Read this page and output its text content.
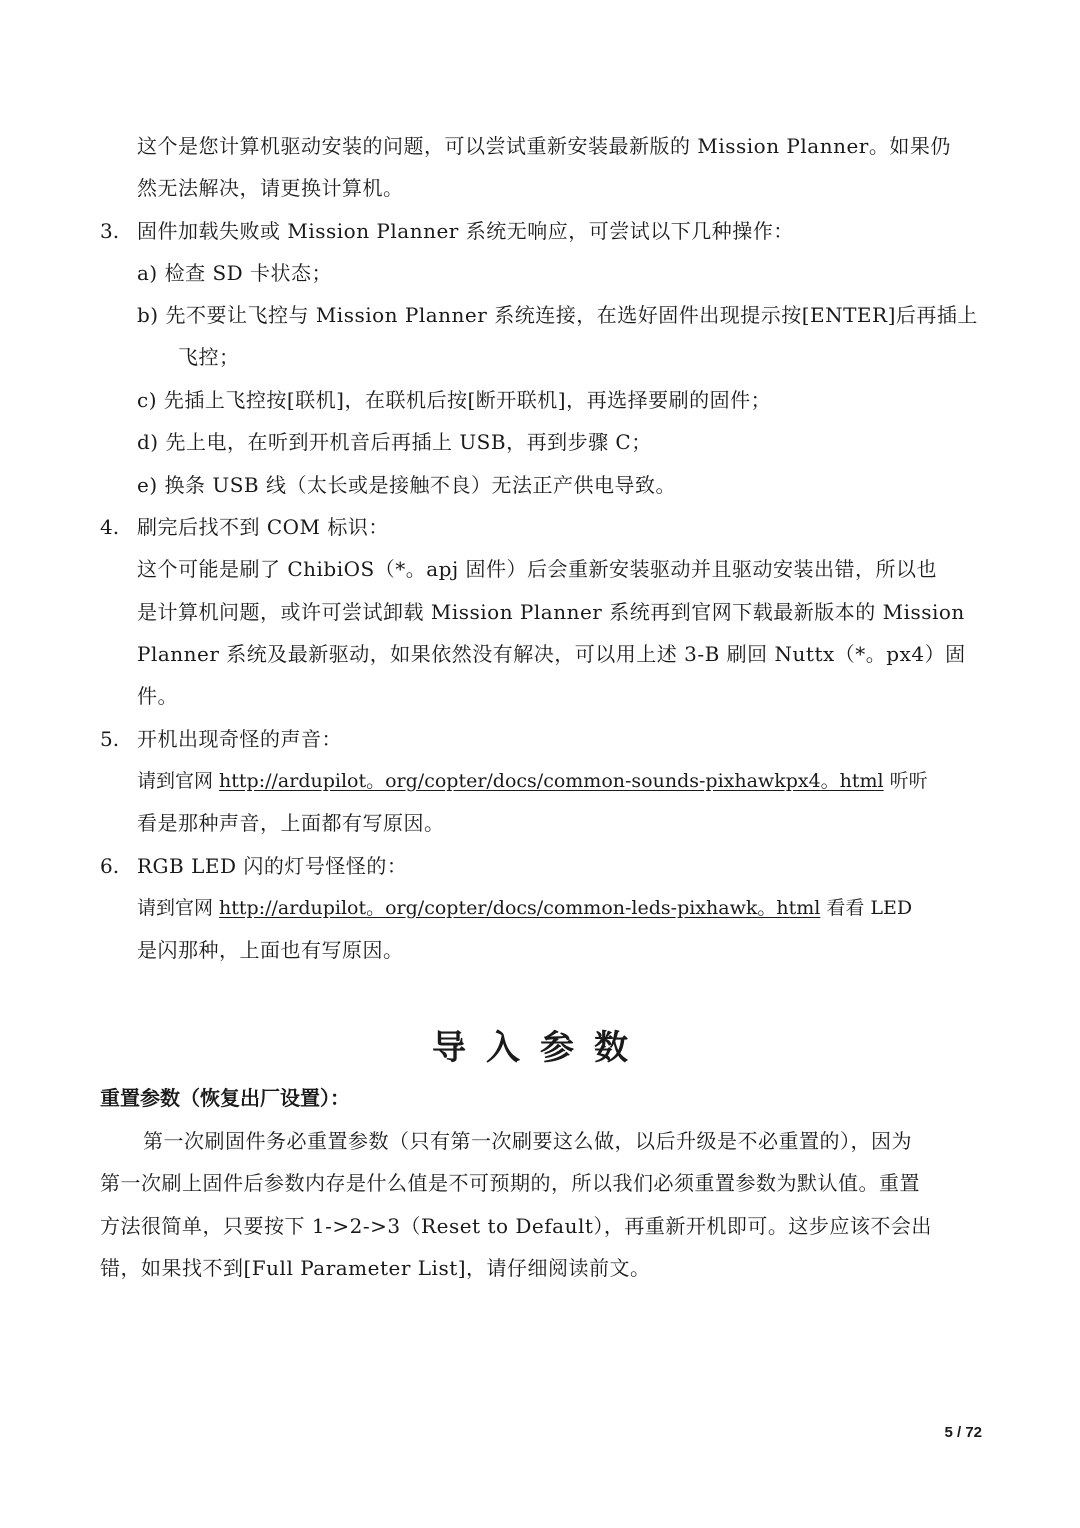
这个是您计算机驱动安装的问题，可以尝试重新安装最新版的 Mission Planner。如果仍
然无法解决，请更换计算机。
3. 固件加载失败或 Mission Planner 系统无响应，可尝试以下几种操作：
a) 检查 SD 卡状态；
b) 先不要让飞控与 Mission Planner 系统连接，在选好固件出现提示按[ENTER]后再插上
飞控；
c) 先插上飞控按[联机]，在联机后按[断开联机]，再选择要刷的固件；
d) 先上电，在听到开机音后再插上 USB，再到步骤 C；
e) 换条 USB 线（太长或是接触不良）无法正产供电导致。
4. 刷完后找不到 COM 标识：
这个可能是刷了 ChibiOS（*。apj 固件）后会重新安装驱动并且驱动安装出错，所以也
是计算机问题，或许可尝试卸载 Mission Planner 系统再到官网下载最新版本的 Mission
Planner 系统及最新驱动，如果依然没有解决，可以用上述 3-B 刷回 Nuttx（*。px4）固
件。
5. 开机出现奇怪的声音：
请到官网 http://ardupilot。org/copter/docs/common-sounds-pixhawkpx4。html 听听
看是那种声音，上面都有写原因。
6. RGB LED 闪的灯号怪怪的：
请到官网 http://ardupilot。org/copter/docs/common-leds-pixhawk。html 看看 LED
是闪那种，上面也有写原因。
导入参数
重置参数（恢复出厂设置）：
第一次刷固件务必重置参数（只有第一次刷要这么做，以后升级是不必重置的），因为
第一次刷上固件后参数内存是什么值是不可预期的，所以我们必须重置参数为默认值。重置
方法很简单，只要按下 1->2->3（Reset to Default），再重新开机即可。这步应该不会出
错，如果找不到[Full Parameter List]，请仔细阅读前文。
5 / 72
